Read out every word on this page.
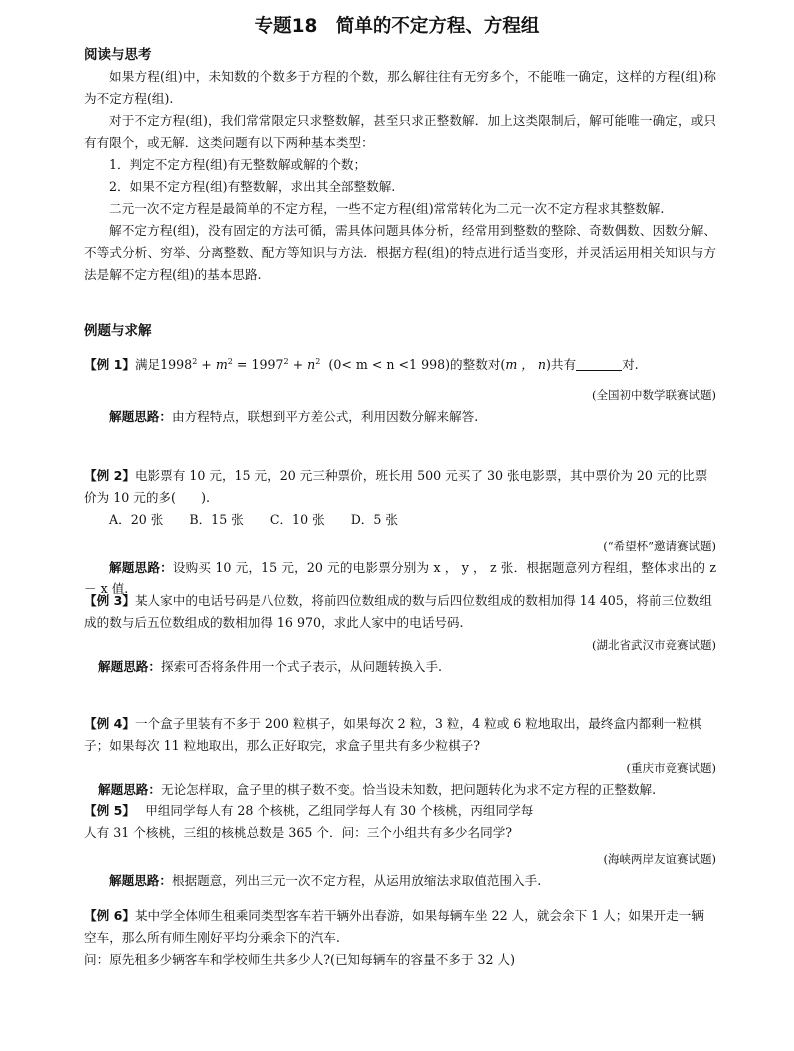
专题18　简单的不定方程、方程组
阅读与思考
如果方程(组)中，未知数的个数多于方程的个数，那么解往往有无穷多个，不能唯一确定，这样的方程(组)称为不定方程(组).
对于不定方程(组)，我们常常限定只求整数解，甚至只求正整数解．加上这类限制后，解可能唯一确定，或只有有限个，或无解．这类问题有以下两种基本类型：
1．判定不定方程(组)有无整数解或解的个数；
2．如果不定方程(组)有整数解，求出其全部整数解.
二元一次不定方程是最简单的不定方程，一些不定方程(组)常常转化为二元一次不定方程求其整数解.
解不定方程(组)，没有固定的方法可循，需具体问题具体分析，经常用到整数的整除、奇数偶数、因数分解、不等式分析、穷举、分离整数、配方等知识与方法．根据方程(组)的特点进行适当变形，并灵活运用相关知识与方法是解不定方程(组)的基本思路.
例题与求解
【例 1】满足$1998^2 + m^2 = 1997^2 + n^2$ (0< m < n <1 998)的整数对(m ， n)共有	对.
(全国初中数学联赛试题)
解题思路：由方程特点，联想到平方差公式，利用因数分解来解答.
【例 2】电影票有 10 元，15 元，20 元三种票价，班长用 500 元买了 30 张电影票，其中票价为 20 元的比票价为 10 元的多(　　).
A．20 张 B．15 张 C．10 张 D．5 张
(“希望杯”邀请赛试题)
解题思路：设购买 10 元，15 元，20 元的电影票分别为 x ， y ， z 张．根据题意列方程组，整体求出的 z － x 值.
【例 3】某人家中的电话号码是八位数，将前四位数组成的数与后四位数组成的数相加得 14 405，将前三位数组成的数与后五位数组成的数相加得 16 970，求此人家中的电话号码.
(湖北省武汉市竞赛试题)
解题思路：探索可否将条件用一个式子表示，从问题转换入手.
【例 4】一个盒子里装有不多于 200 粒棋子，如果每次 2 粒，3 粒，4 粒或 6 粒地取出，最终盒内都剩一粒棋子；如果每次 11 粒地取出，那么正好取完，求盒子里共有多少粒棋子?
(重庆市竞赛试题)
解题思路：无论怎样取，盒子里的棋子数不变。恰当设未知数，把问题转化为求不定方程的正整数解.
【例 5】　 甲组同学每人有 28 个核桃，乙组同学每人有 30 个核桃，丙组同学每
人有 31 个核桃，三组的核桃总数是 365 个．问：三个小组共有多少名同学?
(海峡两岸友谊赛试题)
解题思路：根据题意，列出三元一次不定方程，从运用放缩法求取值范围入手.
【例 6】某中学全体师生租乘同类型客车若干辆外出春游，如果每辆车坐 22 人，就会余下 1 人；如果开走一辆空车，那么所有师生刚好平均分乘余下的汽车.
问：原先租多少辆客车和学校师生共多少人?(已知每辆车的容量不多于 32 人)
